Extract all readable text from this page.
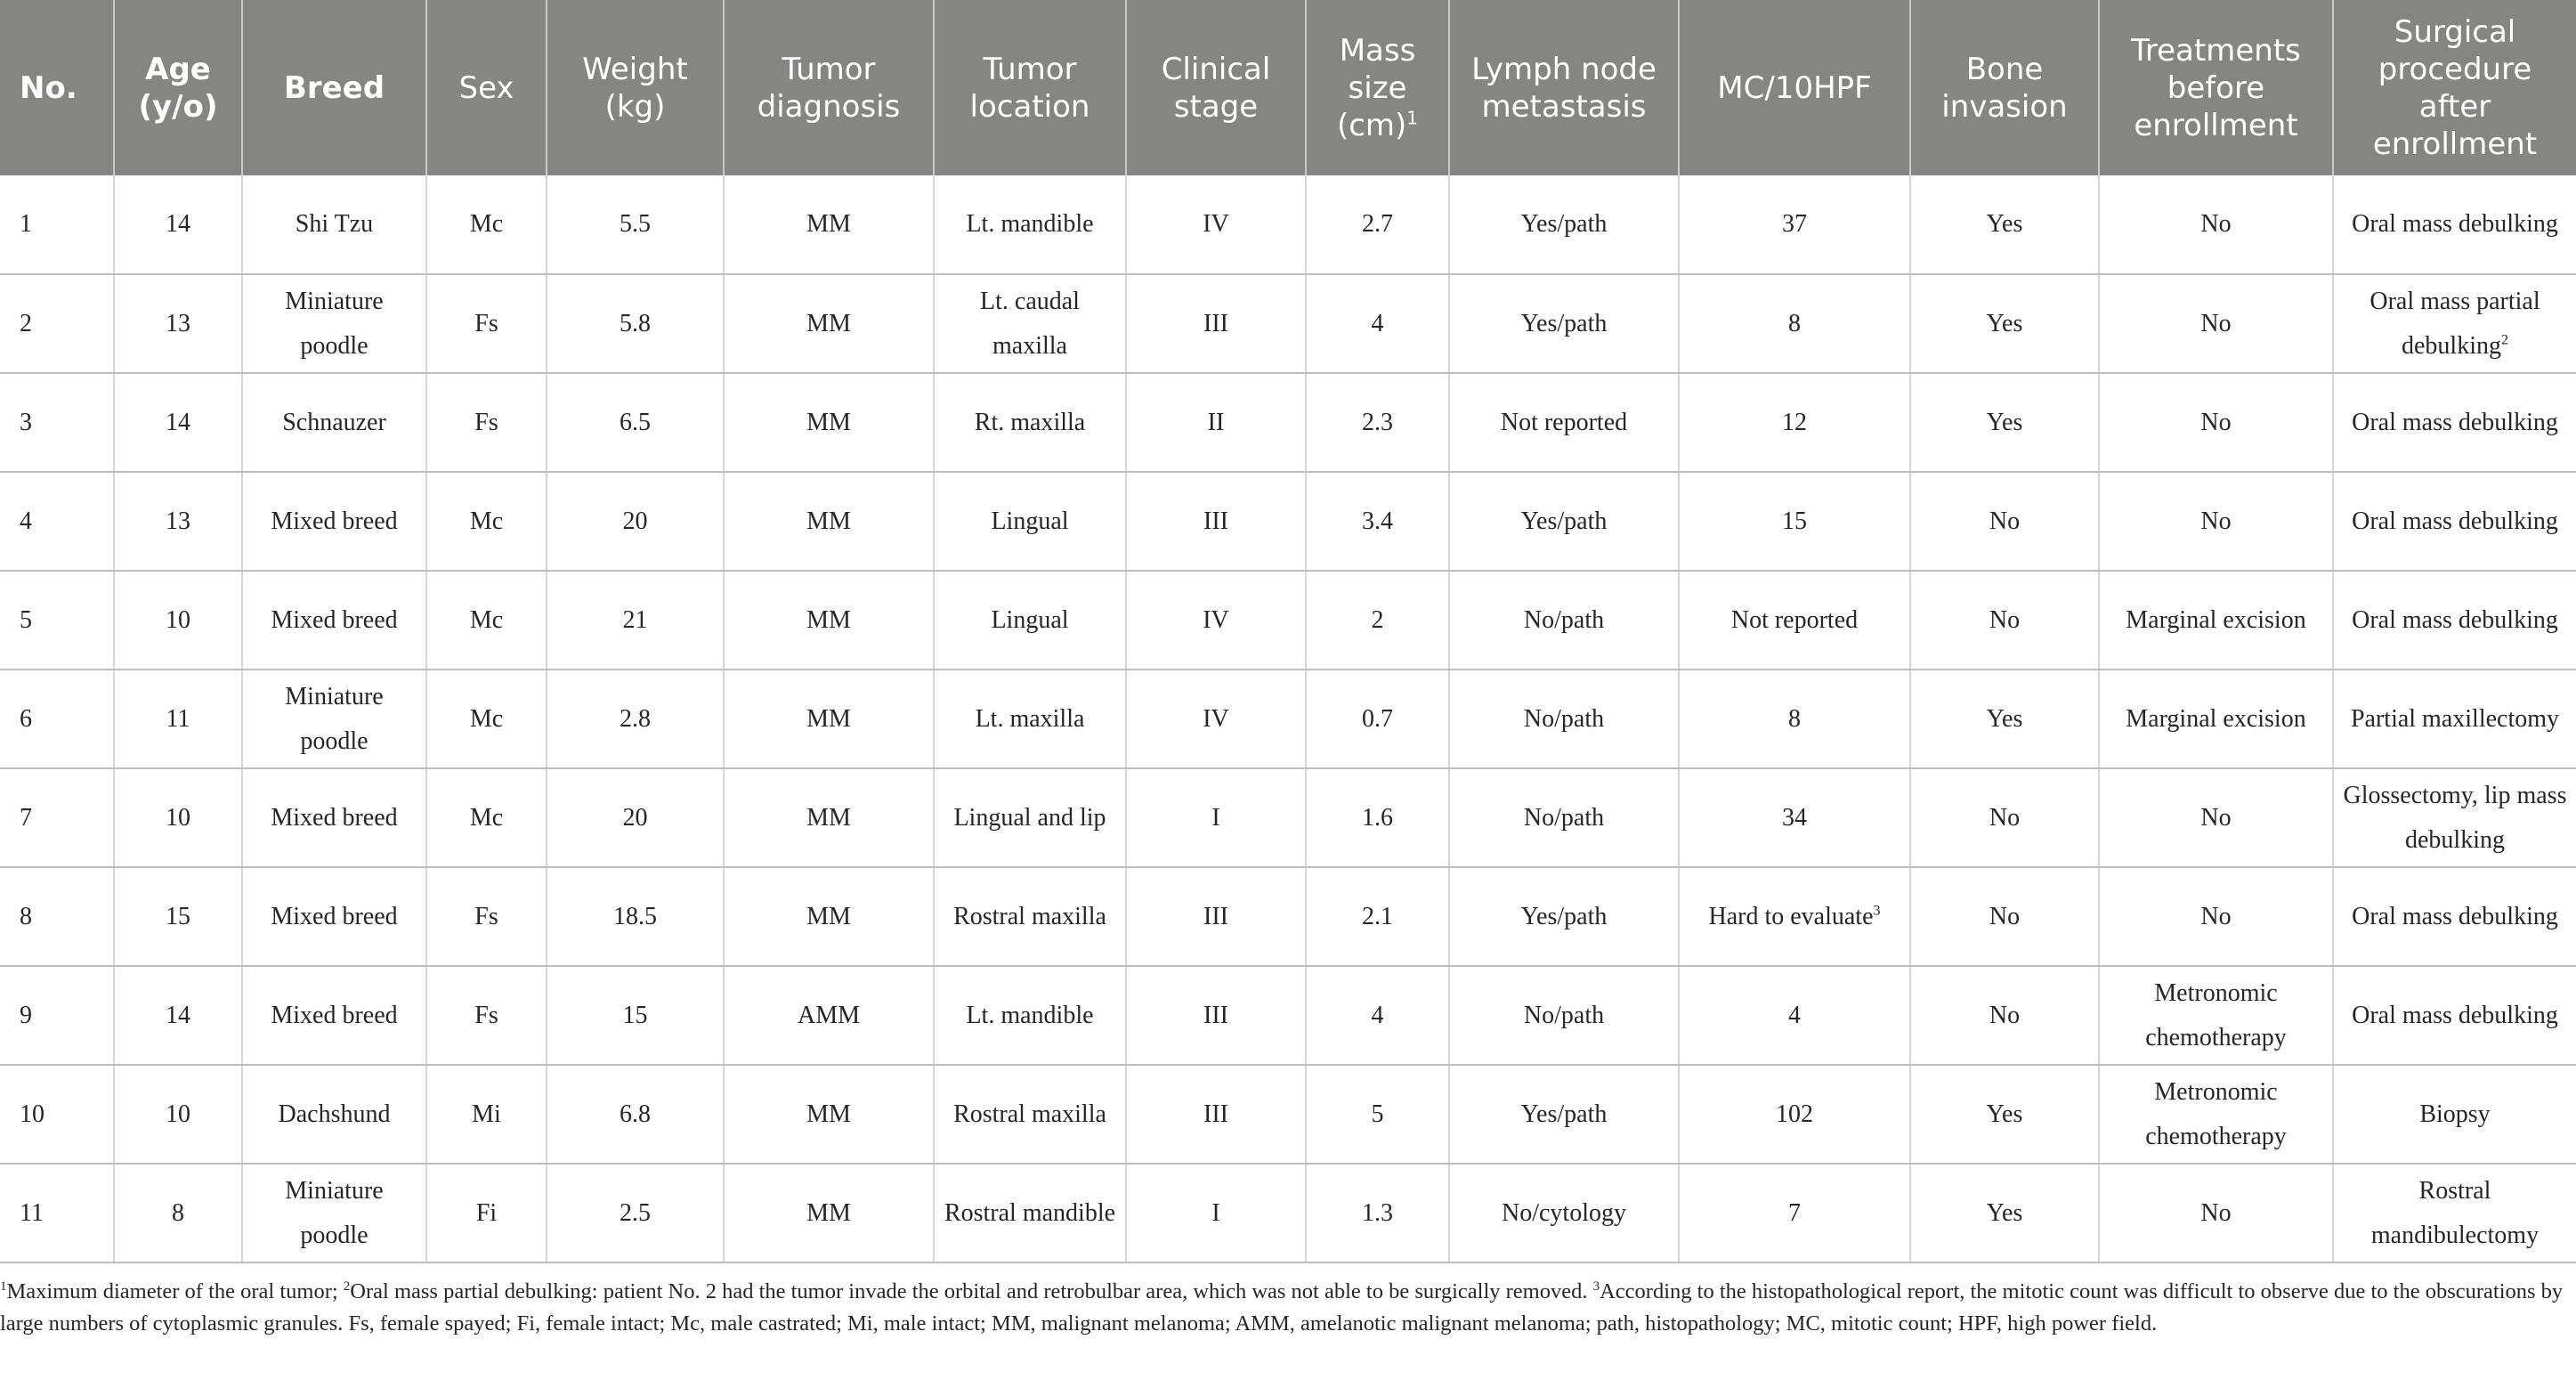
No.	Age (y/o)	Breed	Sex	Weight (kg)	Tumor diagnosis	Tumor location	Clinical stage	Mass size (cm)$^1$	Lymph node metastasis	MC/10HPF	Bone invasion	Treatments before enrollment	Surgical procedure after enrollment
1	14	Shi Tzu	Mc	5.5	MM	Lt. mandible	IV	2.7	Yes/path	37	Yes	No	Oral mass debulking
2	13	Miniature poodle	Fs	5.8	MM	Lt. caudal maxilla	III	4	Yes/path	8	Yes	No	Oral mass partial debulking$^2$
3	14	Schnauzer	Fs	6.5	MM	Rt. maxilla	II	2.3	Not reported	12	Yes	No	Oral mass debulking
4	13	Mixed breed	Mc	20	MM	Lingual	III	3.4	Yes/path	15	No	No	Oral mass debulking
5	10	Mixed breed	Mc	21	MM	Lingual	IV	2	No/path	Not reported	No	Marginal excision	Oral mass debulking
6	11	Miniature poodle	Mc	2.8	MM	Lt. maxilla	IV	0.7	No/path	8	Yes	Marginal excision	Partial maxillectomy
7	10	Mixed breed	Mc	20	MM	Lingual and lip	I	1.6	No/path	34	No	No	Glossectomy, lip mass debulking
8	15	Mixed breed	Fs	18.5	MM	Rostral maxilla	III	2.1	Yes/path	Hard to evaluate$^3$	No	No	Oral mass debulking
9	14	Mixed breed	Fs	15	AMM	Lt. mandible	III	4	No/path	4	No	Metronomic chemotherapy	Oral mass debulking
10	10	Dachshund	Mi	6.8	MM	Rostral maxilla	III	5	Yes/path	102	Yes	Metronomic chemotherapy	Biopsy
11	8	Miniature poodle	Fi	2.5	MM	Rostral mandible	I	1.3	No/cytology	7	Yes	No	Rostral mandibulectomy

$^1$Maximum diameter of the oral tumor; $^2$Oral mass partial debulking: patient No. 2 had the tumor invade the orbital and retrobulbar area, which was not able to be surgically removed. $^3$According to the histopathological report, the mitotic count was difficult to observe due to the obscurations by large numbers of cytoplasmic granules. Fs, female spayed; Fi, female intact; Mc, male castrated; Mi, male intact; MM, malignant melanoma; AMM, amelanotic malignant melanoma; path, histopathology; MC, mitotic count; HPF, high power field.
